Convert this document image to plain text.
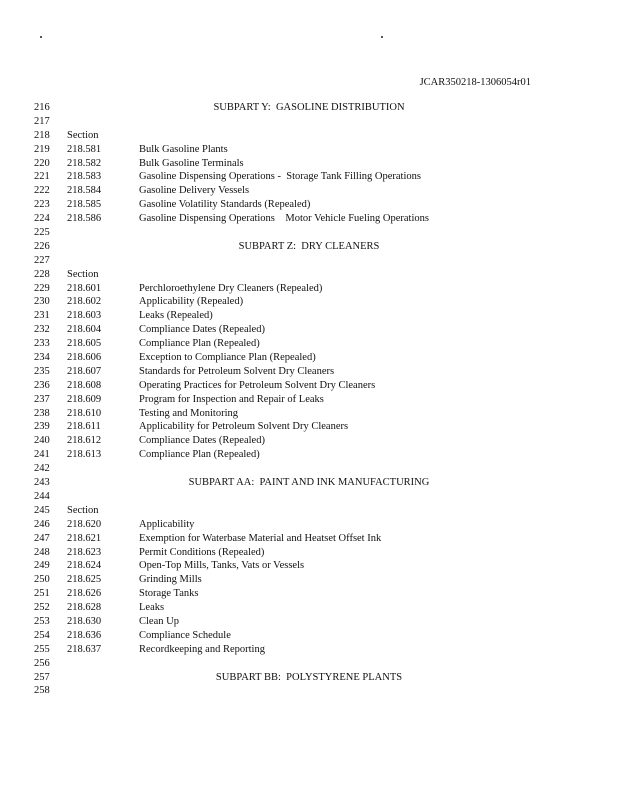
JCAR350218-1306054r01
216	SUBPART Y:  GASOLINE DISTRIBUTION
217
218 Section
219 218.581	Bulk Gasoline Plants
220 218.582	Bulk Gasoline Terminals
221 218.583	Gasoline Dispensing Operations -  Storage Tank Filling Operations
222 218.584	Gasoline Delivery Vessels
223 218.585	Gasoline Volatility Standards (Repealed)
224 218.586	Gasoline Dispensing Operations    Motor Vehicle Fueling Operations
225
226	SUBPART Z:  DRY CLEANERS
227
228 Section
229 218.601	Perchloroethylene Dry Cleaners (Repealed)
230 218.602	Applicability (Repealed)
231 218.603	Leaks (Repealed)
232 218.604	Compliance Dates (Repealed)
233 218.605	Compliance Plan (Repealed)
234 218.606	Exception to Compliance Plan (Repealed)
235 218.607	Standards for Petroleum Solvent Dry Cleaners
236 218.608	Operating Practices for Petroleum Solvent Dry Cleaners
237 218.609	Program for Inspection and Repair of Leaks
238 218.610	Testing and Monitoring
239 218.611	Applicability for Petroleum Solvent Dry Cleaners
240 218.612	Compliance Dates (Repealed)
241 218.613	Compliance Plan (Repealed)
242
243	SUBPART AA:  PAINT AND INK MANUFACTURING
244
245 Section
246 218.620	Applicability
247 218.621	Exemption for Waterbase Material and Heatset Offset Ink
248 218.623	Permit Conditions (Repealed)
249 218.624	Open-Top Mills, Tanks, Vats or Vessels
250 218.625	Grinding Mills
251 218.626	Storage Tanks
252 218.628	Leaks
253 218.630	Clean Up
254 218.636	Compliance Schedule
255 218.637	Recordkeeping and Reporting
256
257	SUBPART BB:  POLYSTYRENE PLANTS
258
